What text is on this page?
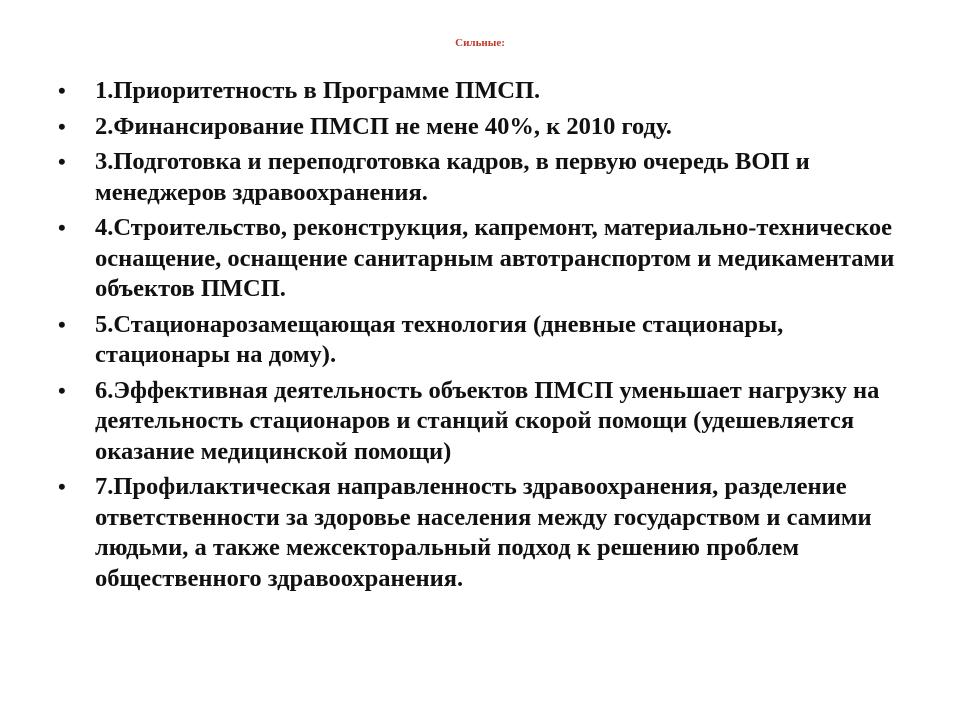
Сильные:
• 1.Приоритетность в Программе ПМСП.
• 2.Финансирование ПМСП не мене 40%, к 2010 году.
• 3.Подготовка и переподготовка кадров, в первую очередь ВОП и менеджеров здравоохранения.
• 4.Строительство, реконструкция, капремонт, материально-техническое оснащение, оснащение санитарным автотранспортом и медикаментами объектов ПМСП.
• 5.Стационарозамещающая технология (дневные стационары, стационары на дому).
• 6.Эффективная деятельность объектов ПМСП уменьшает нагрузку на деятельность стационаров и станций скорой помощи (удешевляется оказание медицинской помощи)
• 7.Профилактическая направленность здравоохранения, разделение ответственности за здоровье населения между государством и самими людьми, а также межсекторальный подход к решению проблем общественного здравоохранения.
